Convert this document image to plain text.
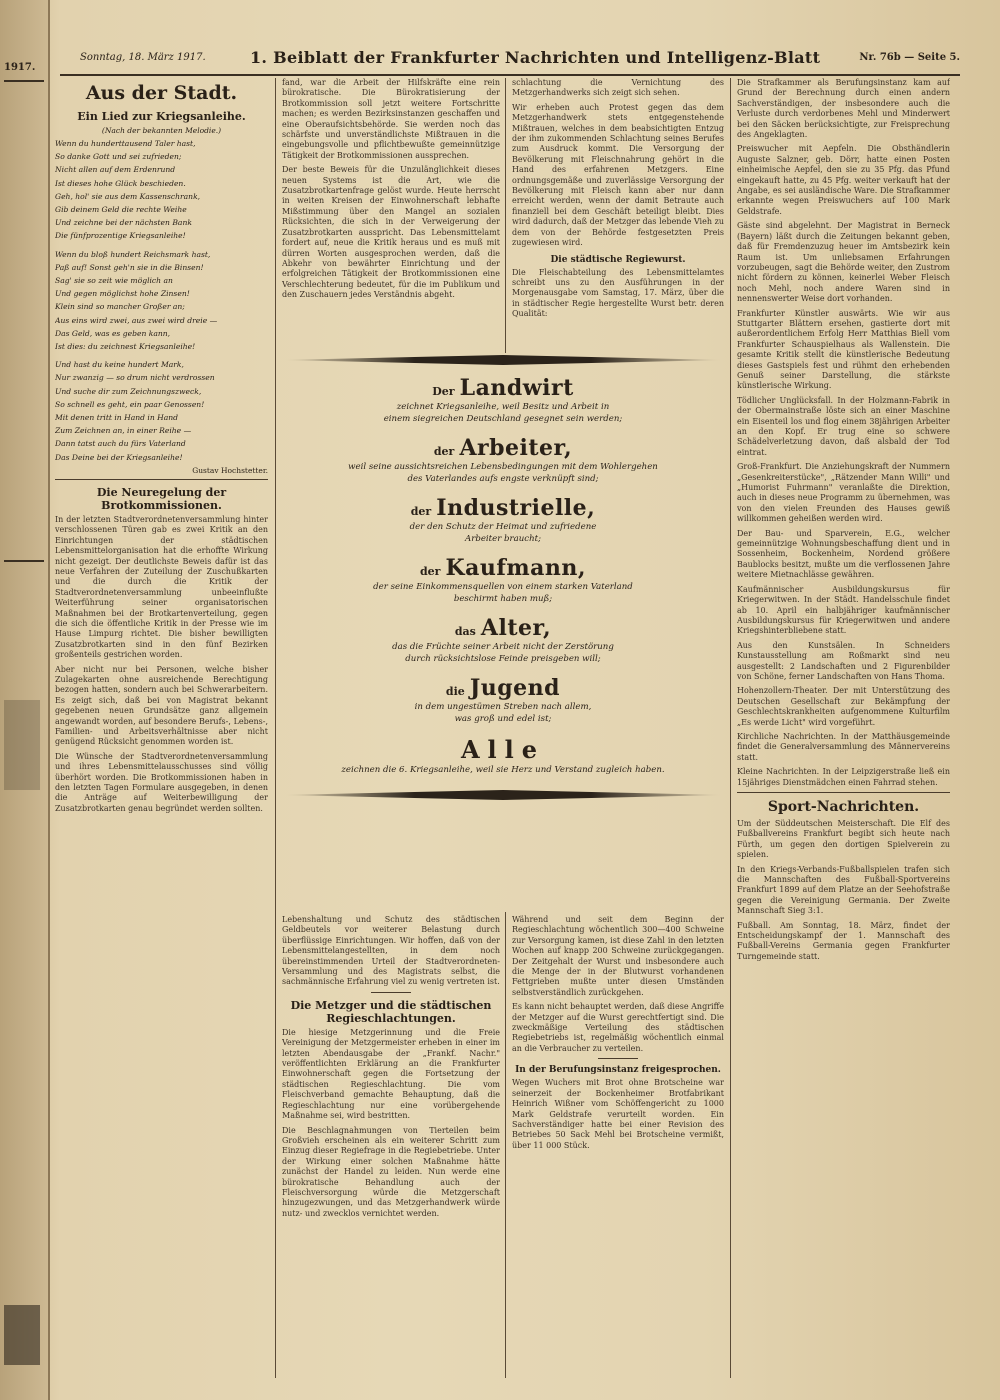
1917.
Sonntag, 18. März 1917.	1. Beiblatt der Frankfurter Nachrichten und Intelligenz-Blatt	Nr. 76b — Seite 5.
Aus der Stadt.
Ein Lied zur Kriegsanleihe.
(Nach der bekannten Melodie.)
Wenn du hunderttausend Taler hast,
So danke Gott und sei zufrieden;
Nicht allen auf dem Erdenrund
Ist dieses hohe Glück beschieden.
Geh, hol' sie aus dem Kassenschrank,
Gib deinem Geld die rechte Weihe
Und zeichne bei der nächsten Bank
Die fünfprozentige Kriegsanleihe!
Wenn du bloß hundert Reichsmark hast,
Paß auf! Sonst geh'n sie in die Binsen!
Sag' sie so zeit wie möglich an
Und gegen möglichst hohe Zinsen!
Klein sind so mancher Großer an;
Aus eins wird zwei, aus zwei wird dreie —
Das Geld, was es geben kann,
Ist dies: du zeichnest Kriegsanleihe!
Und hast du keine hundert Mark,
Nur zwanzig — so drum nicht verdrossen
Und suche dir zum Zeichnungszweck,
So schnell es geht, ein paar Genossen!
Mit denen tritt in Hand in Hand
Zum Zeichnen an, in einer Reihe —
Dann tatst auch du fürs Vaterland
Das Deine bei der Kriegsanleihe!
Gustav Hochstetter.
Die Neuregelung der Brotkommissionen.

In der letzten Stadtverordnetenversammlung hinter verschlossenen Türen gab es zwei Kritik an den Einrichtungen der städtischen Lebensmittelorganisation hat die erhoffte Wirkung nicht gezeigt. Der deutlichste Beweis dafür ist das neue Verfahren der Zuteilung der Zuschußkarten und die durch die Kritik der Stadtverordnetenversammlung unbeeinflußte Weiterführung seiner organisatorischen Maßnahmen bei der Brotkartenverteilung, gegen die sich die öffentliche Kritik in der Presse wie im Hause Limpurg richtet. Die bisher bewilligten Zusatzbrotkarten sind in den fünf Bezirken großenteils gestrichen worden.

Aber nicht nur bei Personen, welche bisher Zulagekarten ohne ausreichende Berechtigung bezogen hatten, sondern auch bei Schwerarbeitern. Es zeigt sich, daß bei von Magistrat bekannt gegebenen neuen Grundsätze ganz allgemein angewandt worden, auf besondere Berufs-, Lebens-, Familien- und Arbeitsverhältnisse aber nicht genügend Rücksicht genommen worden ist.

Die Wünsche der Stadtverordnetenversammlung und ihres Lebensmittelausschusses sind völlig überhört worden. Die Brotkommissionen haben in den letzten Tagen Formulare ausgegeben, in denen die Anträge auf Weiterbewilligung der Zusatzbrotkarten genau begründet werden sollten.

fand, war die Arbeit der Hilfskräfte eine rein bürokratische. Die Bürokratisierung der Brotkommission soll jetzt weitere Fortschritte machen; es werden Bezirksinstanzen geschaffen und eine Oberaufsichtsbehörde. Sie werden noch das schärfste und unverständlichste Mißtrauen in die eingebungsvolle und pflichtbewußte gemeinnützige Tätigkeit der Brotkommissionen aussprechen.

Der beste Beweis für die Unzulänglichkeit dieses neuen Systems ist die Art, wie die Zusatzbrotkartenfrage gelöst wurde. Heute herrscht in weiten Kreisen der Einwohnerschaft lebhafte Mißstimmung über den Mangel an sozialen Rücksichten, die sich in der Verweigerung der Zusatzbrotkarten ausspricht. Das Lebensmittelamt fordert auf, neue die Kritik heraus und es muß mit dürren Worten ausgesprochen werden, daß die Abkehr von bewährter Einrichtung und der erfolgreichen Tätigkeit der Brotkommissionen eine Verschlechterung bedeutet, für die im Publikum und den Zuschauern jedes Verständnis abgeht.

schlachtung die Vernichtung des Metzgerhandwerks sich zeigt sich sehen.

Wir erheben auch Protest gegen das dem Metzgerhandwerk stets entgegenstehende Mißtrauen, welches in dem beabsichtigten Entzug der ihm zukommenden Schlachtung seines Berufes zum Ausdruck kommt. Die Versorgung der Bevölkerung mit Fleischnahrung gehört in die Hand des erfahrenen Metzgers. Eine ordnungsgemäße und zuverlässige Versorgung der Bevölkerung mit Fleisch kann aber nur dann erreicht werden, wenn der damit Betraute auch finanziell bei dem Geschäft beteiligt bleibt. Dies wird dadurch, daß der Metzger das lebende Vieh zu dem von der Behörde festgesetzten Preis zugewiesen wird.

Die städtische Regiewurst.

Die Fleischabteilung des Lebensmittelamtes schreibt uns zu den Ausführungen in der Morgenausgabe vom Samstag, 17. März, über die in städtischer Regie hergestellte Wurst betr. deren Qualität:

Der Landwirt
zeichnet Kriegsanleihe, weil Besitz und Arbeit in
einem siegreichen Deutschland gesegnet sein werden;
der Arbeiter,
weil seine aussichtsreichen Lebensbedingungen mit dem Wohlergehen
des Vaterlandes aufs engste verknüpft sind;
der Industrielle,
der den Schutz der Heimat und zufriedene
Arbeiter braucht;
der Kaufmann,
der seine Einkommensquellen von einem starken Vaterland
beschirmt haben muß;
das Alter,
das die Früchte seiner Arbeit nicht der Zerstörung
durch rücksichtslose Feinde preisgeben will;
die Jugend
in dem ungestümen Streben nach allem,
was groß und edel ist;
Alle
zeichnen die 6. Kriegsanleihe, weil sie Herz und Verstand zugleich haben.

Lebenshaltung und Schutz des städtischen Geldbeutels vor weiterer Belastung durch überflüssige Einrichtungen. Wir hoffen, daß von der Lebensmittelangestellten, in dem noch übereinstimmenden Urteil der Stadtverordneten-Versammlung und des Magistrats selbst, die sachmännische Erfahrung viel zu wenig vertreten ist.

Die Metzger und die städtischen Regieschlachtungen.

Die hiesige Metzgerinnung und die Freie Vereinigung der Metzgermeister erheben in einer im letzten Abendausgabe der „Frankf. Nachr." veröffentlichten Erklärung an die Frankfurter Einwohnerschaft gegen die Fortsetzung der städtischen Regieschlachtung. Die vom Fleischverband gemachte Behauptung, daß die Regieschlachtung nur eine vorübergehende Maßnahme sei, wird bestritten.

Die Beschlagnahmungen von Tierteilen beim Großvieh erscheinen als ein weiterer Schritt zum Einzug dieser Regiefrage in die Regiebetriebe. Unter der Wirkung einer solchen Maßnahme hätte zunächst der Handel zu leiden. Nun werde eine bürokratische Behandlung auch der Fleischversorgung würde die Metzgerschaft hinzugezwungen, und das Metzgerhandwerk würde nutz- und zwecklos vernichtet werden.

Während und seit dem Beginn der Regieschlachtung wöchentlich 300—400 Schweine zur Versorgung kamen, ist diese Zahl in den letzten Wochen auf knapp 200 Schweine zurückgegangen. Der Zeitgehalt der Wurst und insbesondere auch die Menge der in der Blutwurst vorhandenen Fettgrieben mußte unter diesen Umständen selbstverständlich zurückgehen.

Es kann nicht behauptet werden, daß diese Angriffe der Metzger auf die Wurst gerechtfertigt sind. Die zweckmäßige Verteilung des städtischen Regiebetriebs ist, regelmäßig wöchentlich einmal an die Verbraucher zu verteilen.

In der Berufungsinstanz freigesprochen.

Wegen Wuchers mit Brot ohne Brotscheine war seinerzeit der Bockenheimer Brotfabrikant Heinrich Wißner vom Schöffengericht zu 1000 Mark Geldstrafe verurteilt worden. Ein Sachverständiger hatte bei einer Revision des Betriebes 50 Sack Mehl bei Brotscheine vermißt, über 11 000 Stück.

Die Strafkammer als Berufungsinstanz kam auf Grund der Berechnung durch einen andern Sachverständigen, der insbesondere auch die Verluste durch verdorbenes Mehl und Minderwert bei den Säcken berücksichtigte, zur Freisprechung des Angeklagten.

Preiswucher mit Aepfeln. Die Obsthändlerin Auguste Salzner, geb. Dörr, hatte einen Posten einheimische Aepfel, den sie zu 35 Pfg. das Pfund eingekauft hatte, zu 45 Pfg. weiter verkauft hat der Angabe, es sei ausländische Ware. Die Strafkammer erkannte wegen Preiswuchers auf 100 Mark Geldstrafe.

Gäste sind abgelehnt. Der Magistrat in Berneck (Bayern) läßt durch die Zeitungen bekannt geben, daß für Fremdenzuzug heuer im Amtsbezirk kein Raum ist. Um unliebsamen Erfahrungen vorzubeugen, sagt die Behörde weiter, den Zustrom nicht fördern zu können, keinerlei Weber Fleisch noch Mehl, noch andere Waren sind in nennenswerter Weise dort vorhanden.

Frankfurter Künstler auswärts. Wie wir aus Stuttgarter Blättern ersehen, gastierte dort mit außerordentlichem Erfolg Herr Matthias Biell vom Frankfurter Schauspielhaus als Wallenstein. Die gesamte Kritik stellt die künstlerische Bedeutung dieses Gastspiels fest und rühmt den erhebenden Genuß seiner Darstellung, die stärkste künstlerische Wirkung.

Tödlicher Unglücksfall. In der Holzmann-Fabrik in der Obermainstraße löste sich an einer Maschine ein Eisenteil los und flog einem 38jährigen Arbeiter an den Kopf. Er trug eine so schwere Schädelverletzung davon, daß alsbald der Tod eintrat.

Groß-Frankfurt. Die Anziehungskraft der Nummern „Gesenkreiterstücke", „Rätzender Mann Willi" und „Humorist Fuhrmann" veranlaßte die Direktion, auch in dieses neue Programm zu übernehmen, was von den vielen Freunden des Hauses gewiß willkommen geheißen werden wird.

Der Bau- und Sparverein, E.G., welcher gemeinnützige Wohnungsbeschaffung dient und in Sossenheim, Bockenheim, Nordend größere Baublocks besitzt, mußte um die verflossenen Jahre weitere Mietnachlässe gewähren.

Kaufmännischer Ausbildungskursus für Kriegerwitwen. In der Städt. Handelsschule findet ab 10. April ein halbjähriger kaufmännischer Ausbildungskursus für Kriegerwitwen und andere Kriegshinterbliebene statt.

Aus den Kunstsälen. In Schneiders Kunstausstellung am Roßmarkt sind neu ausgestellt: 2 Landschaften und 2 Figurenbilder von Schöne, ferner Landschaften von Hans Thoma.

Hohenzollern-Theater. Der mit Unterstützung des Deutschen Gesellschaft zur Bekämpfung der Geschlechtskrankheiten aufgenommene Kulturfilm „Es werde Licht" wird vorgeführt.

Kirchliche Nachrichten. In der Matthäusgemeinde findet die Generalversammlung des Männervereins statt.

Kleine Nachrichten. In der Leipzigerstraße ließ ein 15jähriges Dienstmädchen einen Fahrrad stehen.

Sport-Nachrichten.

Um der Süddeutschen Meisterschaft. Die Elf des Fußballvereins Frankfurt begibt sich heute nach Fürth, um gegen den dortigen Spielverein zu spielen.

In den Kriegs-Verbands-Fußballspielen trafen sich die Mannschaften des Fußball-Sportvereins Frankfurt 1899 auf dem Platze an der Seehofstraße gegen die Vereinigung Germania. Der Zweite Mannschaft Sieg 3:1.

Fußball. Am Sonntag, 18. März, findet der Entscheidungskampf der 1. Mannschaft des Fußball-Vereins Germania gegen Frankfurter Turngemeinde statt.
